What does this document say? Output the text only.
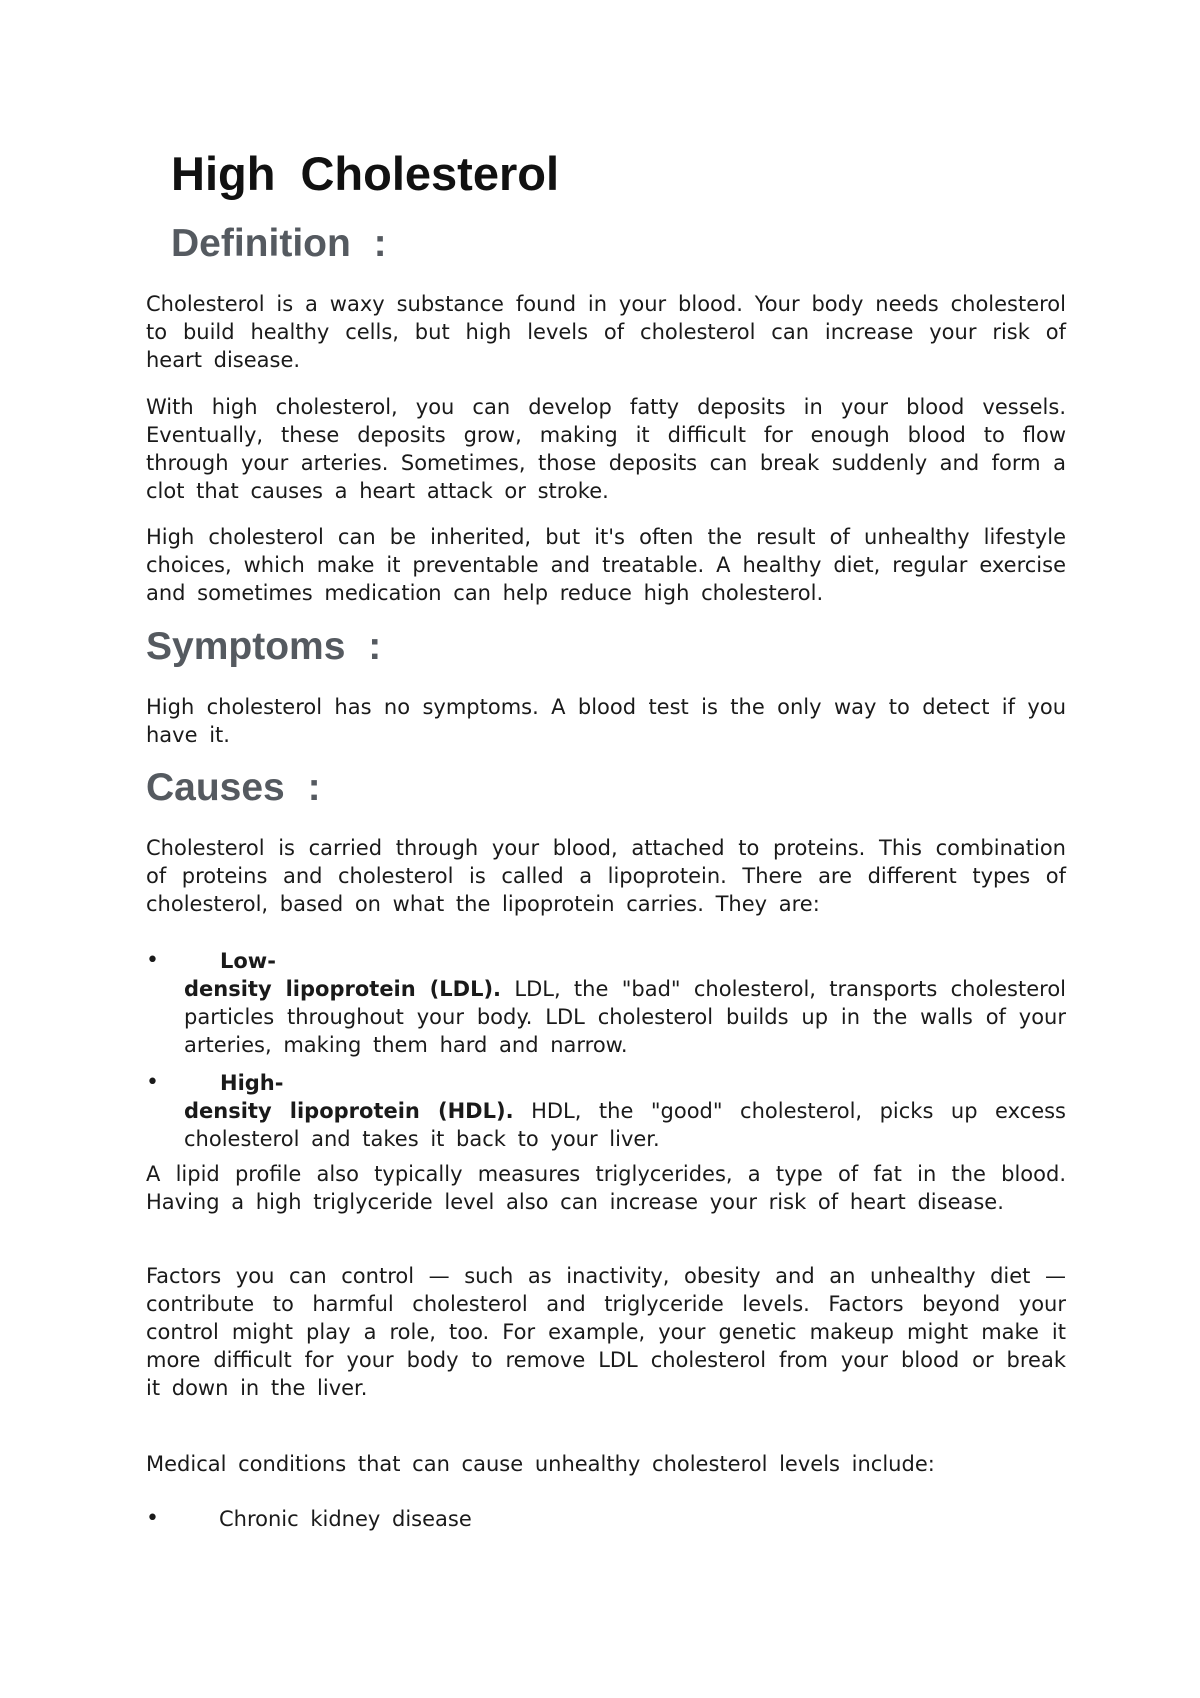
High Cholesterol
Definition :

Cholesterol is a waxy substance found in your blood. Your body needs cholesterol to build healthy cells, but high levels of cholesterol can increase your risk of heart disease.

With high cholesterol, you can develop fatty deposits in your blood vessels. Eventually, these deposits grow, making it difficult for enough blood to flow through your arteries. Sometimes, those deposits can break suddenly and form a clot that causes a heart attack or stroke.

High cholesterol can be inherited, but it's often the result of unhealthy lifestyle choices, which make it preventable and treatable. A healthy diet, regular exercise and sometimes medication can help reduce high cholesterol.

Symptoms :

High cholesterol has no symptoms. A blood test is the only way to detect if you have it.

Causes :

Cholesterol is carried through your blood, attached to proteins. This combination of proteins and cholesterol is called a lipoprotein. There are different types of cholesterol, based on what the lipoprotein carries. They are:

•	Low-
density lipoprotein (LDL). LDL, the "bad" cholesterol, transports cholesterol particles throughout your body. LDL cholesterol builds up in the walls of your arteries, making them hard and narrow.

•	High-
density lipoprotein (HDL). HDL, the "good" cholesterol, picks up excess cholesterol and takes it back to your liver.

A lipid profile also typically measures triglycerides, a type of fat in the blood. Having a high triglyceride level also can increase your risk of heart disease.

Factors you can control — such as inactivity, obesity and an unhealthy diet — contribute to harmful cholesterol and triglyceride levels. Factors beyond your control might play a role, too. For example, your genetic makeup might make it more difficult for your body to remove LDL cholesterol from your blood or break it down in the liver.

Medical conditions that can cause unhealthy cholesterol levels include:

•	Chronic kidney disease
